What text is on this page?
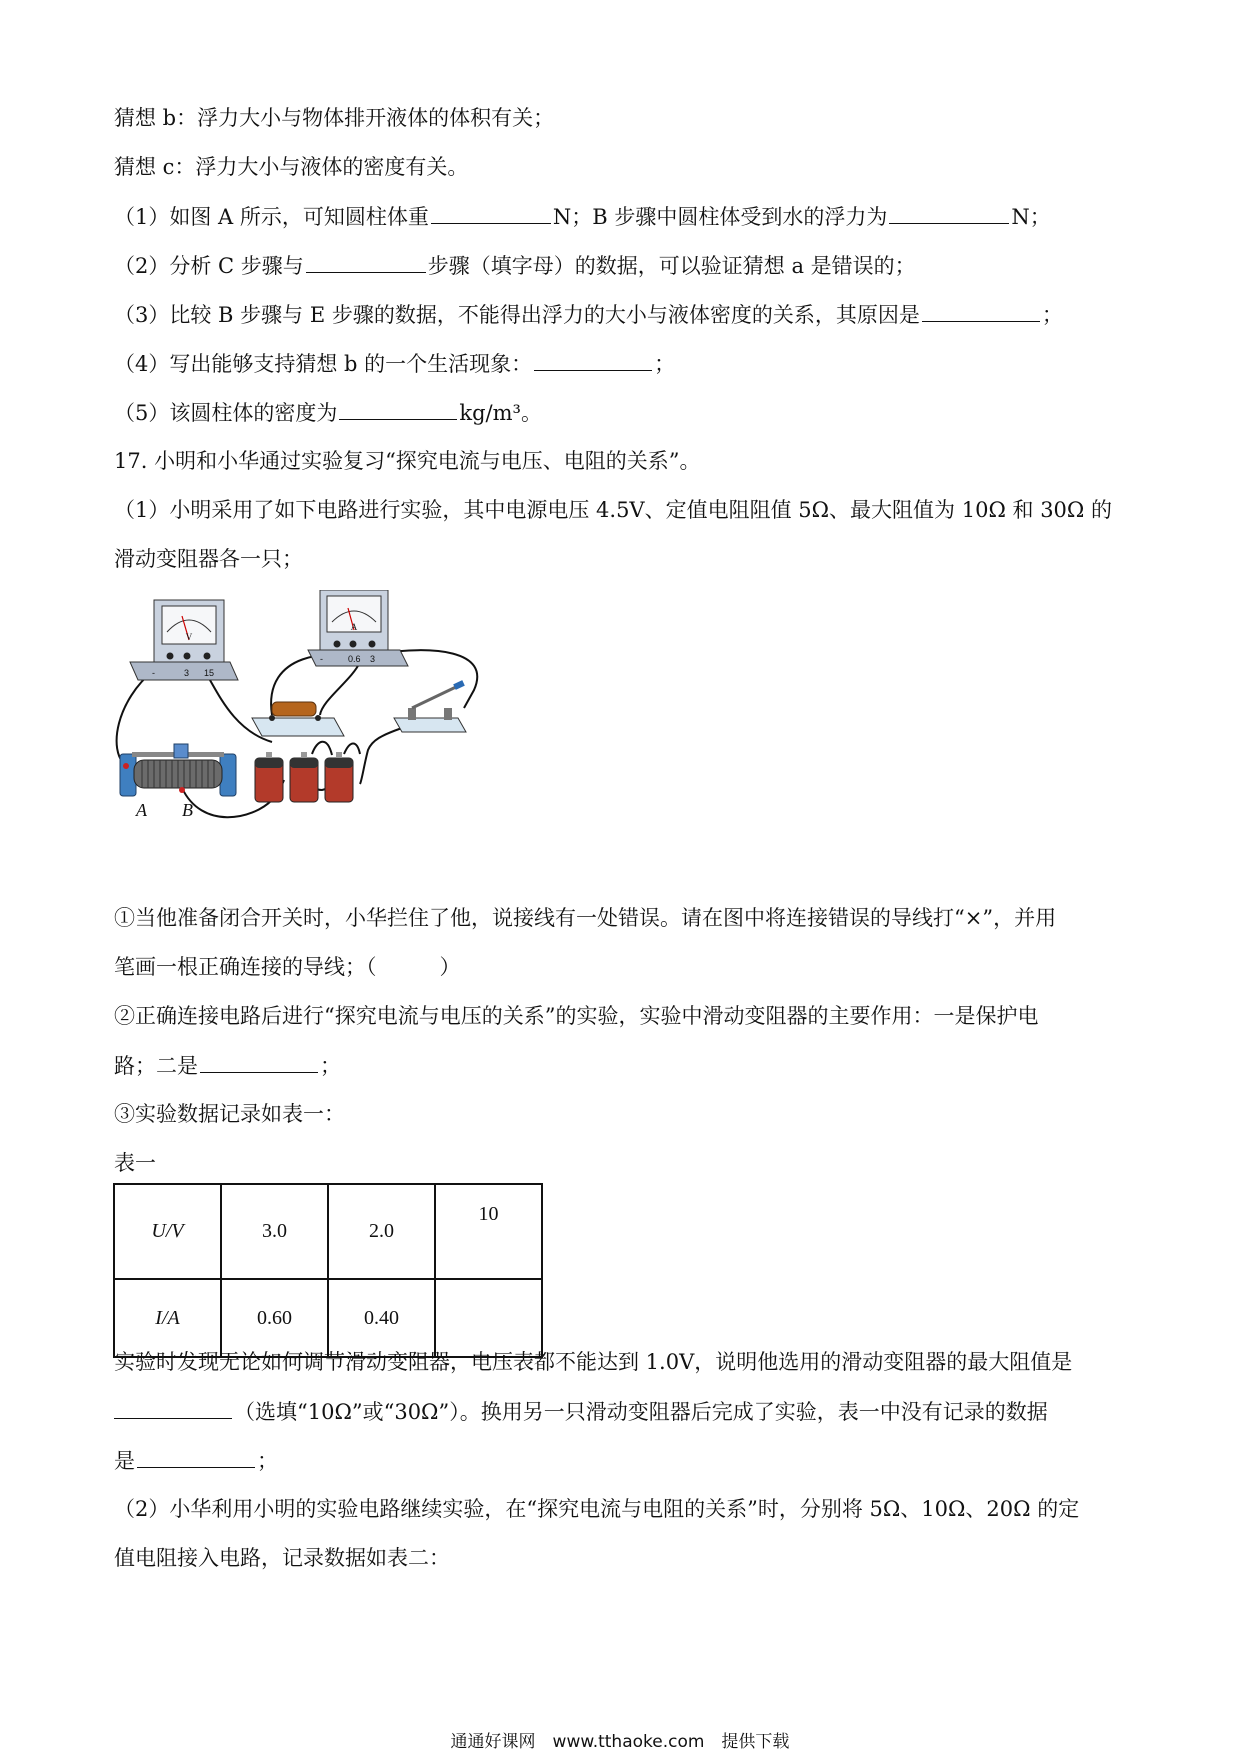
猜想 b：浮力大小与物体排开液体的体积有关；
猜想 c：浮力大小与液体的密度有关。
（1）如图 A 所示，可知圆柱体重	N；B 步骤中圆柱体受到水的浮力为	N；
（2）分析 C 步骤与	步骤（填字母）的数据，可以验证猜想 a 是错误的；
（3）比较 B 步骤与 E 步骤的数据，不能得出浮力的大小与液体密度的关系，其原因是	；
（4）写出能够支持猜想 b 的一个生活现象：	；
（5）该圆柱体的密度为	kg/m³。
17. 小明和小华通过实验复习“探究电流与电压、电阻的关系”。
（1）小明采用了如下电路进行实验，其中电源电压 4.5V、定值电阻阻值 5Ω、最大阻值为 10Ω 和 30Ω 的
滑动变阻器各一只；
V
-	3 15
A
-	0.6 3
A B
①当他准备闭合开关时，小华拦住了他，说接线有一处错误。请在图中将连接错误的导线打“×”，并用
笔画一根正确连接的导线；（　　　）
②正确连接电路后进行“探究电流与电压的关系”的实验，实验中滑动变阻器的主要作用：一是保护电
路；二是	；
③实验数据记录如表一：
表一
U/V	3.0	2.0	10
I/A	0.60	0.40	
实验时发现无论如何调节滑动变阻器，电压表都不能达到 1.0V，说明他选用的滑动变阻器的最大阻值是
（选填“10Ω”或“30Ω”）。换用另一只滑动变阻器后完成了实验，表一中没有记录的数据
是	；
（2）小华利用小明的实验电路继续实验，在“探究电流与电阻的关系”时，分别将 5Ω、10Ω、20Ω 的定
值电阻接入电路，记录数据如表二：
通通好课网　www.tthaoke.com　提供下载
